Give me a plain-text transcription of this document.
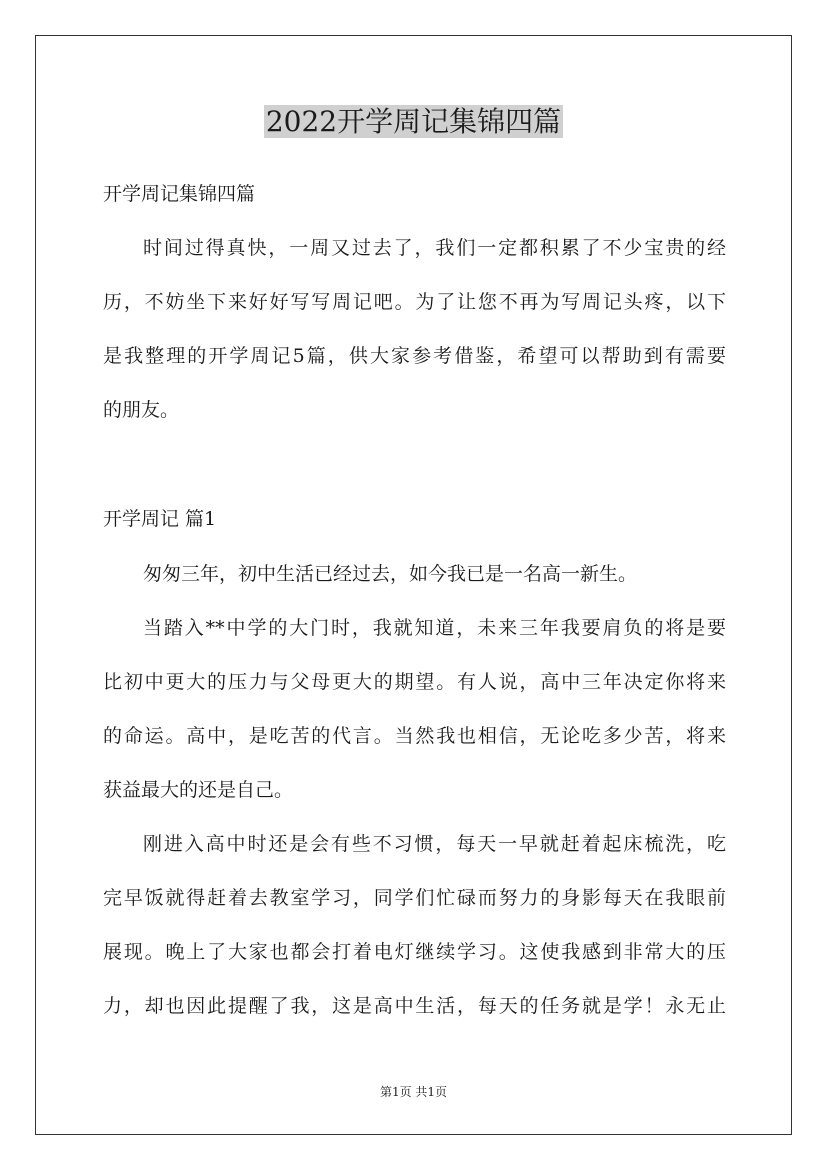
2022开学周记集锦四篇

开学周记集锦四篇

时间过得真快，一周又过去了，我们一定都积累了不少宝贵的经

历，不妨坐下来好好写写周记吧。为了让您不再为写周记头疼，以下

是我整理的开学周记5篇，供大家参考借鉴，希望可以帮助到有需要

的朋友。

开学周记 篇1

匆匆三年，初中生活已经过去，如今我已是一名高一新生。

当踏入**中学的大门时，我就知道，未来三年我要肩负的将是要

比初中更大的压力与父母更大的期望。有人说，高中三年决定你将来

的命运。高中，是吃苦的代言。当然我也相信，无论吃多少苦，将来

获益最大的还是自己。

刚进入高中时还是会有些不习惯，每天一早就赶着起床梳洗，吃

完早饭就得赶着去教室学习，同学们忙碌而努力的身影每天在我眼前

展现。晚上了大家也都会打着电灯继续学习。这使我感到非常大的压

力，却也因此提醒了我，这是高中生活，每天的任务就是学！永无止

第1页 共1页
